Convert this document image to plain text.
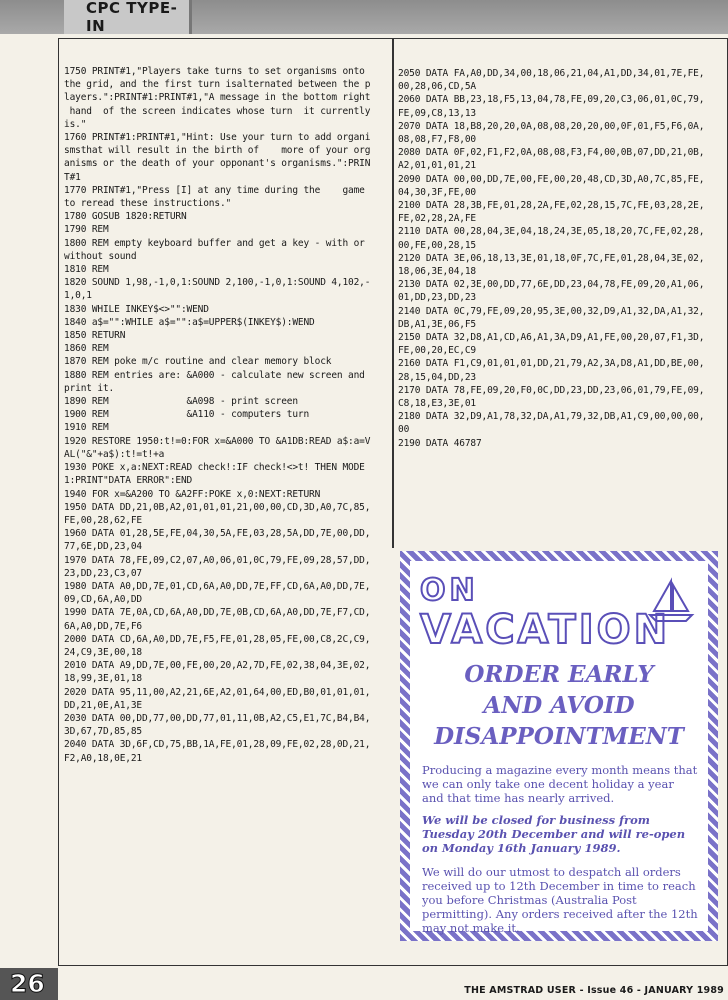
CPC TYPE-IN
1750 PRINT#1,"Players take turns to set organisms onto
the grid, and the first turn isalternated between the p
layers.":PRINT#1:PRINT#1,"A message in the bottom right
hand  of the screen indicates whose turn  it currently
is."
1760 PRINT#1:PRINT#1,"Hint: Use your turn to add organi
smsthat will result in the birth of    more of your org
anisms or the death of your opponant's organisms.":PRIN
T#1
1770 PRINT#1,"Press [I] at any time during the    game
to reread these instructions."
1780 GOSUB 1820:RETURN
1790 REM
1800 REM empty keyboard buffer and get a key - with or
without sound
1810 REM
1820 SOUND 1,98,-1,0,1:SOUND 2,100,-1,0,1:SOUND 4,102,-
1,0,1
1830 WHILE INKEY$<>"":WEND
1840 a$="":WHILE a$="":a$=UPPER$(INKEY$):WEND
1850 RETURN
1860 REM
1870 REM poke m/c routine and clear memory block
1880 REM entries are: &A000 - calculate new screen and
print it.
1890 REM              &A098 - print screen
1900 REM              &A110 - computers turn
1910 REM
1920 RESTORE 1950:t!=0:FOR x=&A000 TO &A1DB:READ a$:a=V
AL("&"+a$):t!=t!+a
1930 POKE x,a:NEXT:READ check!:IF check!<>t! THEN MODE
1:PRINT"DATA ERROR":END
1940 FOR x=&A200 TO &A2FF:POKE x,0:NEXT:RETURN
1950 DATA DD,21,0B,A2,01,01,01,21,00,00,CD,3D,A0,7C,85,
FE,00,28,62,FE
1960 DATA 01,28,5E,FE,04,30,5A,FE,03,28,5A,DD,7E,00,DD,
77,6E,DD,23,04
1970 DATA 78,FE,09,C2,07,A0,06,01,0C,79,FE,09,28,57,DD,
23,DD,23,C3,07
1980 DATA A0,DD,7E,01,CD,6A,A0,DD,7E,FF,CD,6A,A0,DD,7E,
09,CD,6A,A0,DD
1990 DATA 7E,0A,CD,6A,A0,DD,7E,0B,CD,6A,A0,DD,7E,F7,CD,
6A,A0,DD,7E,F6
2000 DATA CD,6A,A0,DD,7E,F5,FE,01,28,05,FE,00,C8,2C,C9,
24,C9,3E,00,18
2010 DATA A9,DD,7E,00,FE,00,20,A2,7D,FE,02,38,04,3E,02,
18,99,3E,01,18
2020 DATA 95,11,00,A2,21,6E,A2,01,64,00,ED,B0,01,01,01,
DD,21,0E,A1,3E
2030 DATA 00,DD,77,00,DD,77,01,11,0B,A2,C5,E1,7C,B4,B4,
3D,67,7D,85,85
2040 DATA 3D,6F,CD,75,BB,1A,FE,01,28,09,FE,02,28,0D,21,
F2,A0,18,0E,21
2050 DATA FA,A0,DD,34,00,18,06,21,04,A1,DD,34,01,7E,FE,
00,28,06,CD,5A
2060 DATA BB,23,18,F5,13,04,78,FE,09,20,C3,06,01,0C,79,
FE,09,C8,13,13
2070 DATA 18,B8,20,20,0A,08,08,20,20,00,0F,01,F5,F6,0A,
08,08,F7,F8,00
2080 DATA 0F,02,F1,F2,0A,08,08,F3,F4,00,0B,07,DD,21,0B,
A2,01,01,01,21
2090 DATA 00,00,DD,7E,00,FE,00,20,48,CD,3D,A0,7C,85,FE,
04,30,3F,FE,00
2100 DATA 28,3B,FE,01,28,2A,FE,02,28,15,7C,FE,03,28,2E,
FE,02,28,2A,FE
2110 DATA 00,28,04,3E,04,18,24,3E,05,18,20,7C,FE,02,28,
00,FE,00,28,15
2120 DATA 3E,06,18,13,3E,01,18,0F,7C,FE,01,28,04,3E,02,
18,06,3E,04,18
2130 DATA 02,3E,00,DD,77,6E,DD,23,04,78,FE,09,20,A1,06,
01,DD,23,DD,23
2140 DATA 0C,79,FE,09,20,95,3E,00,32,D9,A1,32,DA,A1,32,
DB,A1,3E,06,F5
2150 DATA 32,D8,A1,CD,A6,A1,3A,D9,A1,FE,00,20,07,F1,3D,
FE,00,20,EC,C9
2160 DATA F1,C9,01,01,01,DD,21,79,A2,3A,D8,A1,DD,BE,00,
28,15,04,DD,23
2170 DATA 78,FE,09,20,F0,0C,DD,23,DD,23,06,01,79,FE,09,
C8,18,E3,3E,01
2180 DATA 32,D9,A1,78,32,DA,A1,79,32,DB,A1,C9,00,00,00,
00
2190 DATA 46787
ON
VACATION
ORDER EARLY
AND AVOID
DISAPPOINTMENT
Producing a magazine every month means that we can only take one decent holiday a year and that time has nearly arrived.
We will be closed for business from Tuesday 20th December and will re-open on Monday 16th January 1989.
We will do our utmost to despatch all orders received up to 12th December in time to reach you before Christmas (Australia Post permitting). Any orders received after the 12th may not make it.
26	THE AMSTRAD USER - Issue 46 - JANUARY 1989
